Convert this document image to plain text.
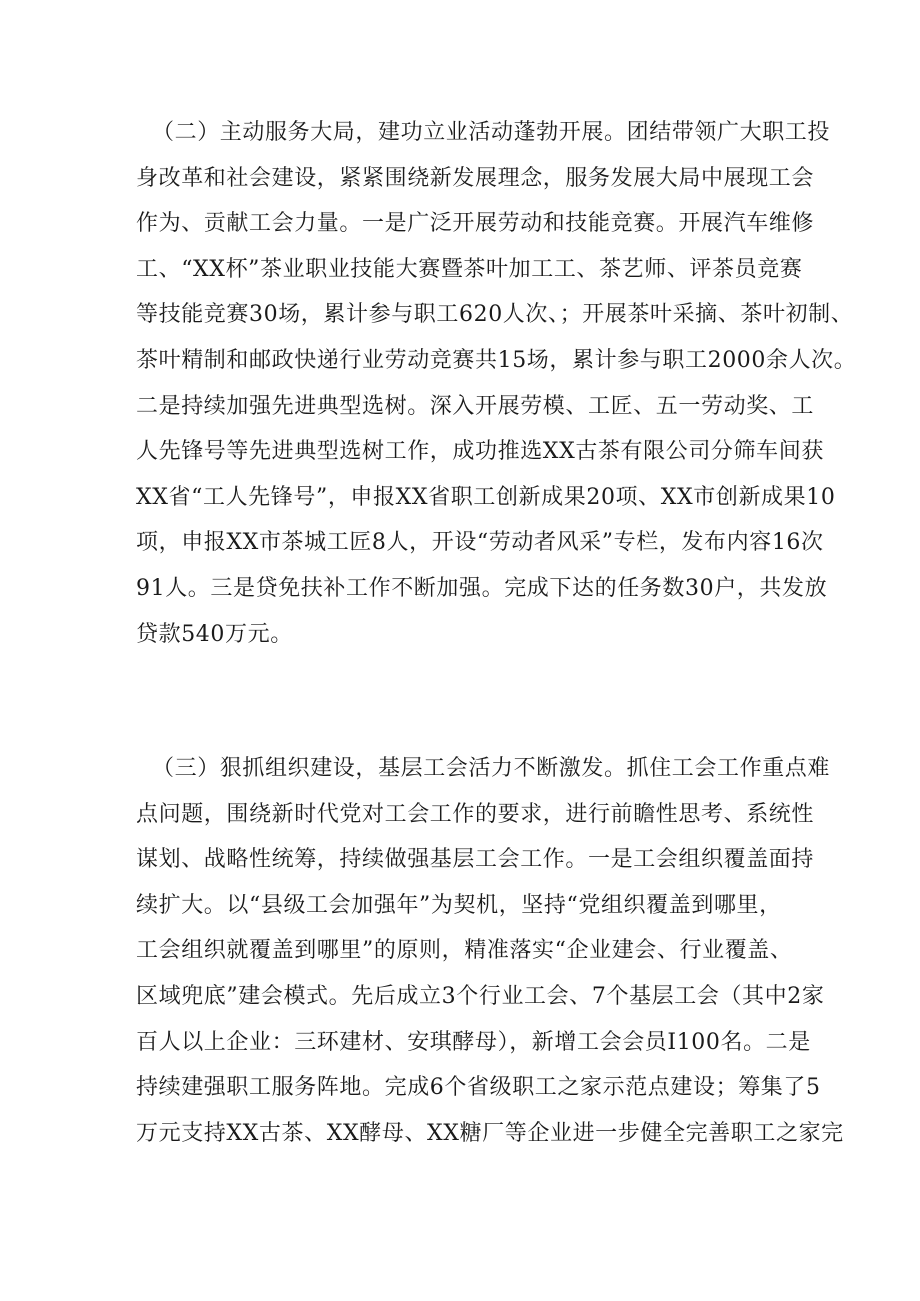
（二）主动服务大局，建功立业活动蓬勃开展。团结带领广大职工投
身改革和社会建设，紧紧围绕新发展理念，服务发展大局中展现工会
作为、贡献工会力量。一是广泛开展劳动和技能竞赛。开展汽车维修
工、“XX杯”茶业职业技能大赛暨茶叶加工工、茶艺师、评茶员竞赛
等技能竞赛30场，累计参与职工620人次、；开展茶叶采摘、茶叶初制、
茶叶精制和邮政快递行业劳动竞赛共15场，累计参与职工2000余人次。
二是持续加强先进典型选树。深入开展劳模、工匠、五一劳动奖、工
人先锋号等先进典型选树工作，成功推选XX古茶有限公司分筛车间获
XX省“工人先锋号”，申报XX省职工创新成果20项、XX市创新成果10
项，申报XX市茶城工匠8人，开设“劳动者风采”专栏，发布内容16次
91人。三是贷免扶补工作不断加强。完成下达的任务数30户，共发放
贷款540万元。
（三）狠抓组织建设，基层工会活力不断激发。抓住工会工作重点难
点问题，围绕新时代党对工会工作的要求，进行前瞻性思考、系统性
谋划、战略性统筹，持续做强基层工会工作。一是工会组织覆盖面持
续扩大。以“县级工会加强年”为契机，坚持“党组织覆盖到哪里，
工会组织就覆盖到哪里”的原则，精准落实“企业建会、行业覆盖、
区域兜底”建会模式。先后成立3个行业工会、7个基层工会（其中2家
百人以上企业：三环建材、安琪酵母），新增工会会员I100名。二是
持续建强职工服务阵地。完成6个省级职工之家示范点建设；筹集了5
万元支持XX古茶、XX酵母、XX糖厂等企业进一步健全完善职工之家完
